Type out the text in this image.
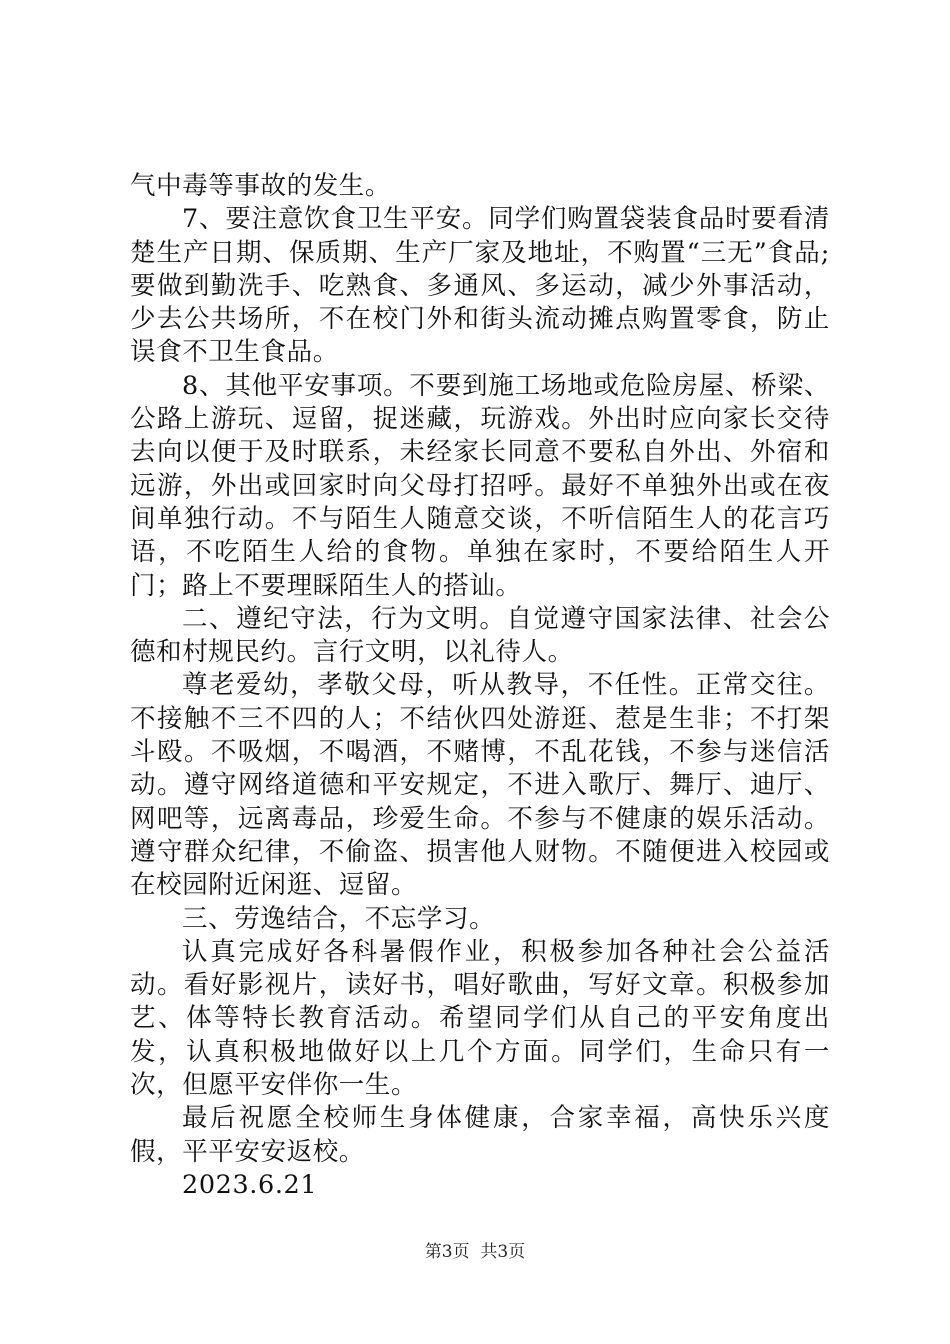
气中毒等事故的发生。

7、要注意饮食卫生平安。同学们购置袋装食品时要看清楚生产日期、保质期、生产厂家及地址，不购置“三无”食品;要做到勤洗手、吃熟食、多通风、多运动，减少外事活动，少去公共场所，不在校门外和街头流动摊点购置零食，防止误食不卫生食品。

8、其他平安事项。不要到施工场地或危险房屋、桥梁、公路上游玩、逗留，捉迷藏，玩游戏。外出时应向家长交待去向以便于及时联系，未经家长同意不要私自外出、外宿和远游，外出或回家时向父母打招呼。最好不单独外出或在夜间单独行动。不与陌生人随意交谈，不听信陌生人的花言巧语，不吃陌生人给的食物。单独在家时，不要给陌生人开门；路上不要理睬陌生人的搭讪。

二、遵纪守法，行为文明。自觉遵守国家法律、社会公德和村规民约。言行文明，以礼待人。

尊老爱幼，孝敬父母，听从教导，不任性。正常交往。不接触不三不四的人；不结伙四处游逛、惹是生非；不打架斗殴。不吸烟，不喝酒，不赌博，不乱花钱，不参与迷信活动。遵守网络道德和平安规定，不进入歌厅、舞厅、迪厅、网吧等，远离毒品，珍爱生命。不参与不健康的娱乐活动。遵守群众纪律，不偷盗、损害他人财物。不随便进入校园或在校园附近闲逛、逗留。

三、劳逸结合，不忘学习。

认真完成好各科暑假作业，积极参加各种社会公益活动。看好影视片，读好书，唱好歌曲，写好文章。积极参加艺、体等特长教育活动。希望同学们从自己的平安角度出发，认真积极地做好以上几个方面。同学们，生命只有一次，但愿平安伴你一生。

最后祝愿全校师生身体健康，合家幸福，高快乐兴度假，平平安安返校。

2023.6.21

第3页  共3页
